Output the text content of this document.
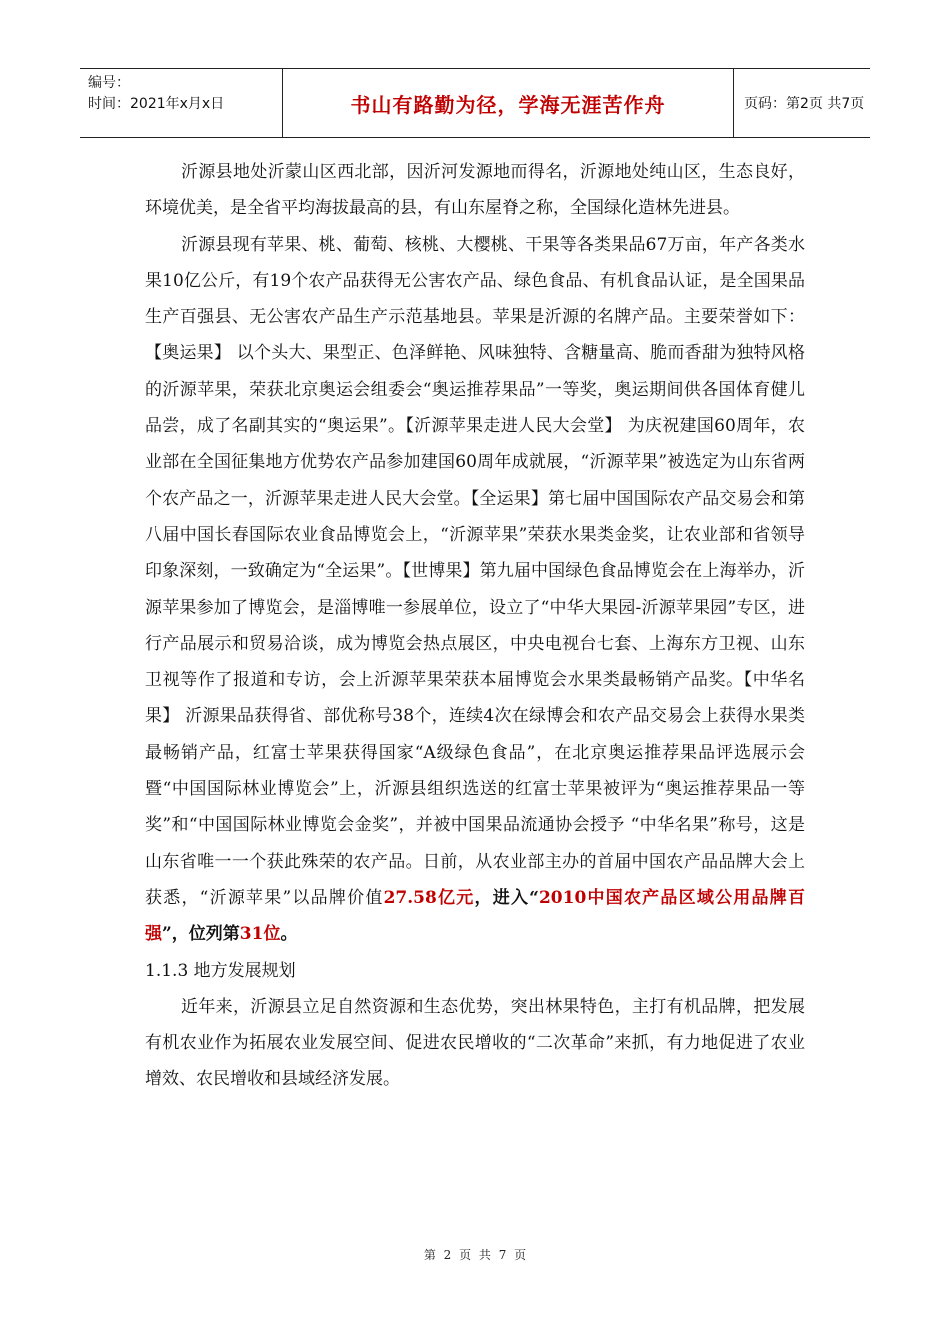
编号：
时间：2021年x月x日	书山有路勤为径，学海无涯苦作舟	页码：第2页 共7页

沂源县地处沂蒙山区西北部，因沂河发源地而得名，沂源地处纯山区，生态良好，环境优美，是全省平均海拔最高的县，有山东屋脊之称，全国绿化造林先进县。

沂源县现有苹果、桃、葡萄、核桃、大樱桃、干果等各类果品67万亩，年产各类水果10亿公斤，有19个农产品获得无公害农产品、绿色食品、有机食品认证，是全国果品生产百强县、无公害农产品生产示范基地县。苹果是沂源的名牌产品。主要荣誉如下：【奥运果】 以个头大、果型正、色泽鲜艳、风味独特、含糖量高、脆而香甜为独特风格的沂源苹果，荣获北京奥运会组委会“奥运推荐果品”一等奖，奥运期间供各国体育健儿品尝，成了名副其实的“奥运果”。【沂源苹果走进人民大会堂】 为庆祝建国60周年，农业部在全国征集地方优势农产品参加建国60周年成就展，“沂源苹果”被选定为山东省两个农产品之一，沂源苹果走进人民大会堂。【全运果】第七届中国国际农产品交易会和第八届中国长春国际农业食品博览会上，“沂源苹果”荣获水果类金奖，让农业部和省领导印象深刻，一致确定为“全运果”。【世博果】第九届中国绿色食品博览会在上海举办，沂源苹果参加了博览会，是淄博唯一参展单位，设立了“中华大果园-沂源苹果园”专区，进行产品展示和贸易洽谈，成为博览会热点展区，中央电视台七套、上海东方卫视、山东卫视等作了报道和专访，会上沂源苹果荣获本届博览会水果类最畅销产品奖。【中华名果】 沂源果品获得省、部优称号38个，连续4次在绿博会和农产品交易会上获得水果类最畅销产品，红富士苹果获得国家“A级绿色食品”，在北京奥运推荐果品评选展示会暨“中国国际林业博览会”上，沂源县组织选送的红富士苹果被评为“奥运推荐果品一等奖”和“中国国际林业博览会金奖”，并被中国果品流通协会授予 “中华名果”称号，这是山东省唯一一个获此殊荣的农产品。日前，从农业部主办的首届中国农产品品牌大会上获悉，“沂源苹果”以品牌价值27.58亿元，进入“2010中国农产品区域公用品牌百强”，位列第31位。

1.1.3 地方发展规划

近年来，沂源县立足自然资源和生态优势，突出林果特色，主打有机品牌，把发展有机农业作为拓展农业发展空间、促进农民增收的“二次革命”来抓，有力地促进了农业增效、农民增收和县域经济发展。

第 2 页 共 7 页
